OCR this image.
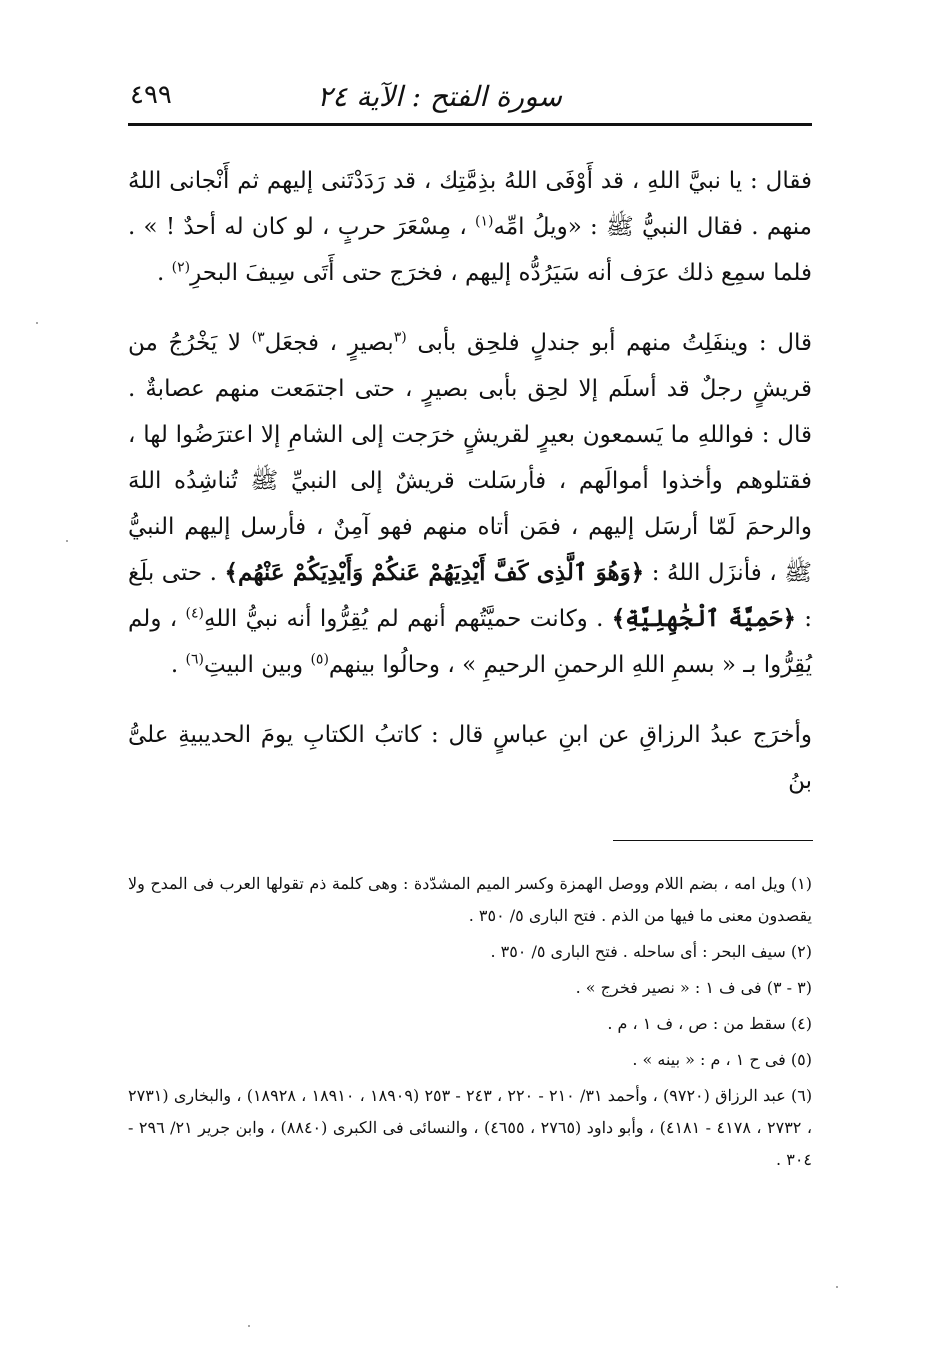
سورة الفتح : الآية ٢٤
٤٩٩

فقال : يا نبيَّ اللهِ ، قد أَوْفَى اللهُ بذِمَّتِك ، قد رَدَدْتَنى إليهم ثم أَنْجانى اللهُ منهم . فقال النبيُّ ﷺ : «ويلُ امِّه$^{(١)}$ ، مِسْعَرَ حربٍ ، لو كان له أحدٌ ! » . فلما سمِع ذلك عرَف أنه سَيَرُدُّه إليهم ، فخرَج حتى أَتَى سِيفَ البحرِ$^{(٢)}$ .

قال : وينفَلِتُ منهم أبو جندلٍ فلحِق بأبى $^{(٣}$بصيرٍ ، فجعَل$^{٣)}$ لا يَخْرُجُ من قريشٍ رجلٌ قد أسلَم إلا لحِق بأبى بصيرٍ ، حتى اجتمَعت منهم عصابةٌ . قال : فواللهِ ما يَسمعون بعيرٍ لقريشٍ خرَجت إلى الشامِ إلا اعترَضُوا لها ، فقتلوهم وأخذوا أموالَهم ، فأرسَلت قريشٌ إلى النبيِّ ﷺ تُناشِدُه اللهَ والرحمَ لَمّا أرسَل إليهم ، فمَن أتاه منهم فهو آمِنٌ ، فأرسل إليهم النبيُّ ﷺ ، فأنزَل اللهُ : ﴿وَهُوَ ٱلَّذِى كَفَّ أَيْدِيَهُمْ عَنكُمْ وَأَيْدِيَكُمْ عَنْهُم﴾ . حتى بلَغ : ﴿حَمِيَّةَ ٱلْجَٰهِلِيَّةِ﴾ . وكانت حميَّتُهم أنهم لم يُقِرُّوا أنه نبيُّ اللهِ$^{(٤)}$ ، ولم يُقِرُّوا بـ « بسمِ اللهِ الرحمنِ الرحيمِ » ، وحالُوا بينهم$^{(٥)}$ وبين البيتِ$^{(٦)}$ .

وأخرَج عبدُ الرزاقِ عن ابنِ عباسٍ قال : كاتبُ الكتابِ يومَ الحديبيةِ علىُّ بنُ

(١) ويل امه ، بضم اللام ووصل الهمزة وكسر الميم المشدّدة : وهى كلمة ذم تقولها العرب فى المدح ولا يقصدون معنى ما فيها من الذم . فتح البارى ٥/ ٣٥٠ .

(٢) سيف البحر : أى ساحله . فتح البارى ٥/ ٣٥٠ .

(٣ - ٣) فى ف ١ : « نصير فخرج » .

(٤) سقط من : ص ، ف ١ ، م .

(٥) فى ح ١ ، م : « بينه » .

(٦) عبد الرزاق (٩٧٢٠) ، وأحمد ٣١/ ٢١٠ - ٢٢٠ ، ٢٤٣ - ٢٥٣ (١٨٩٠٩ ، ١٨٩١٠ ، ١٨٩٢٨) ، والبخارى (٢٧٣١ ، ٢٧٣٢ ، ٤١٧٨ - ٤١٨١) ، وأبو داود (٢٧٦٥ ، ٤٦٥٥) ، والنسائى فى الكبرى (٨٨٤٠) ، وابن جرير ٢١/ ٢٩٦ - ٣٠٤ .
